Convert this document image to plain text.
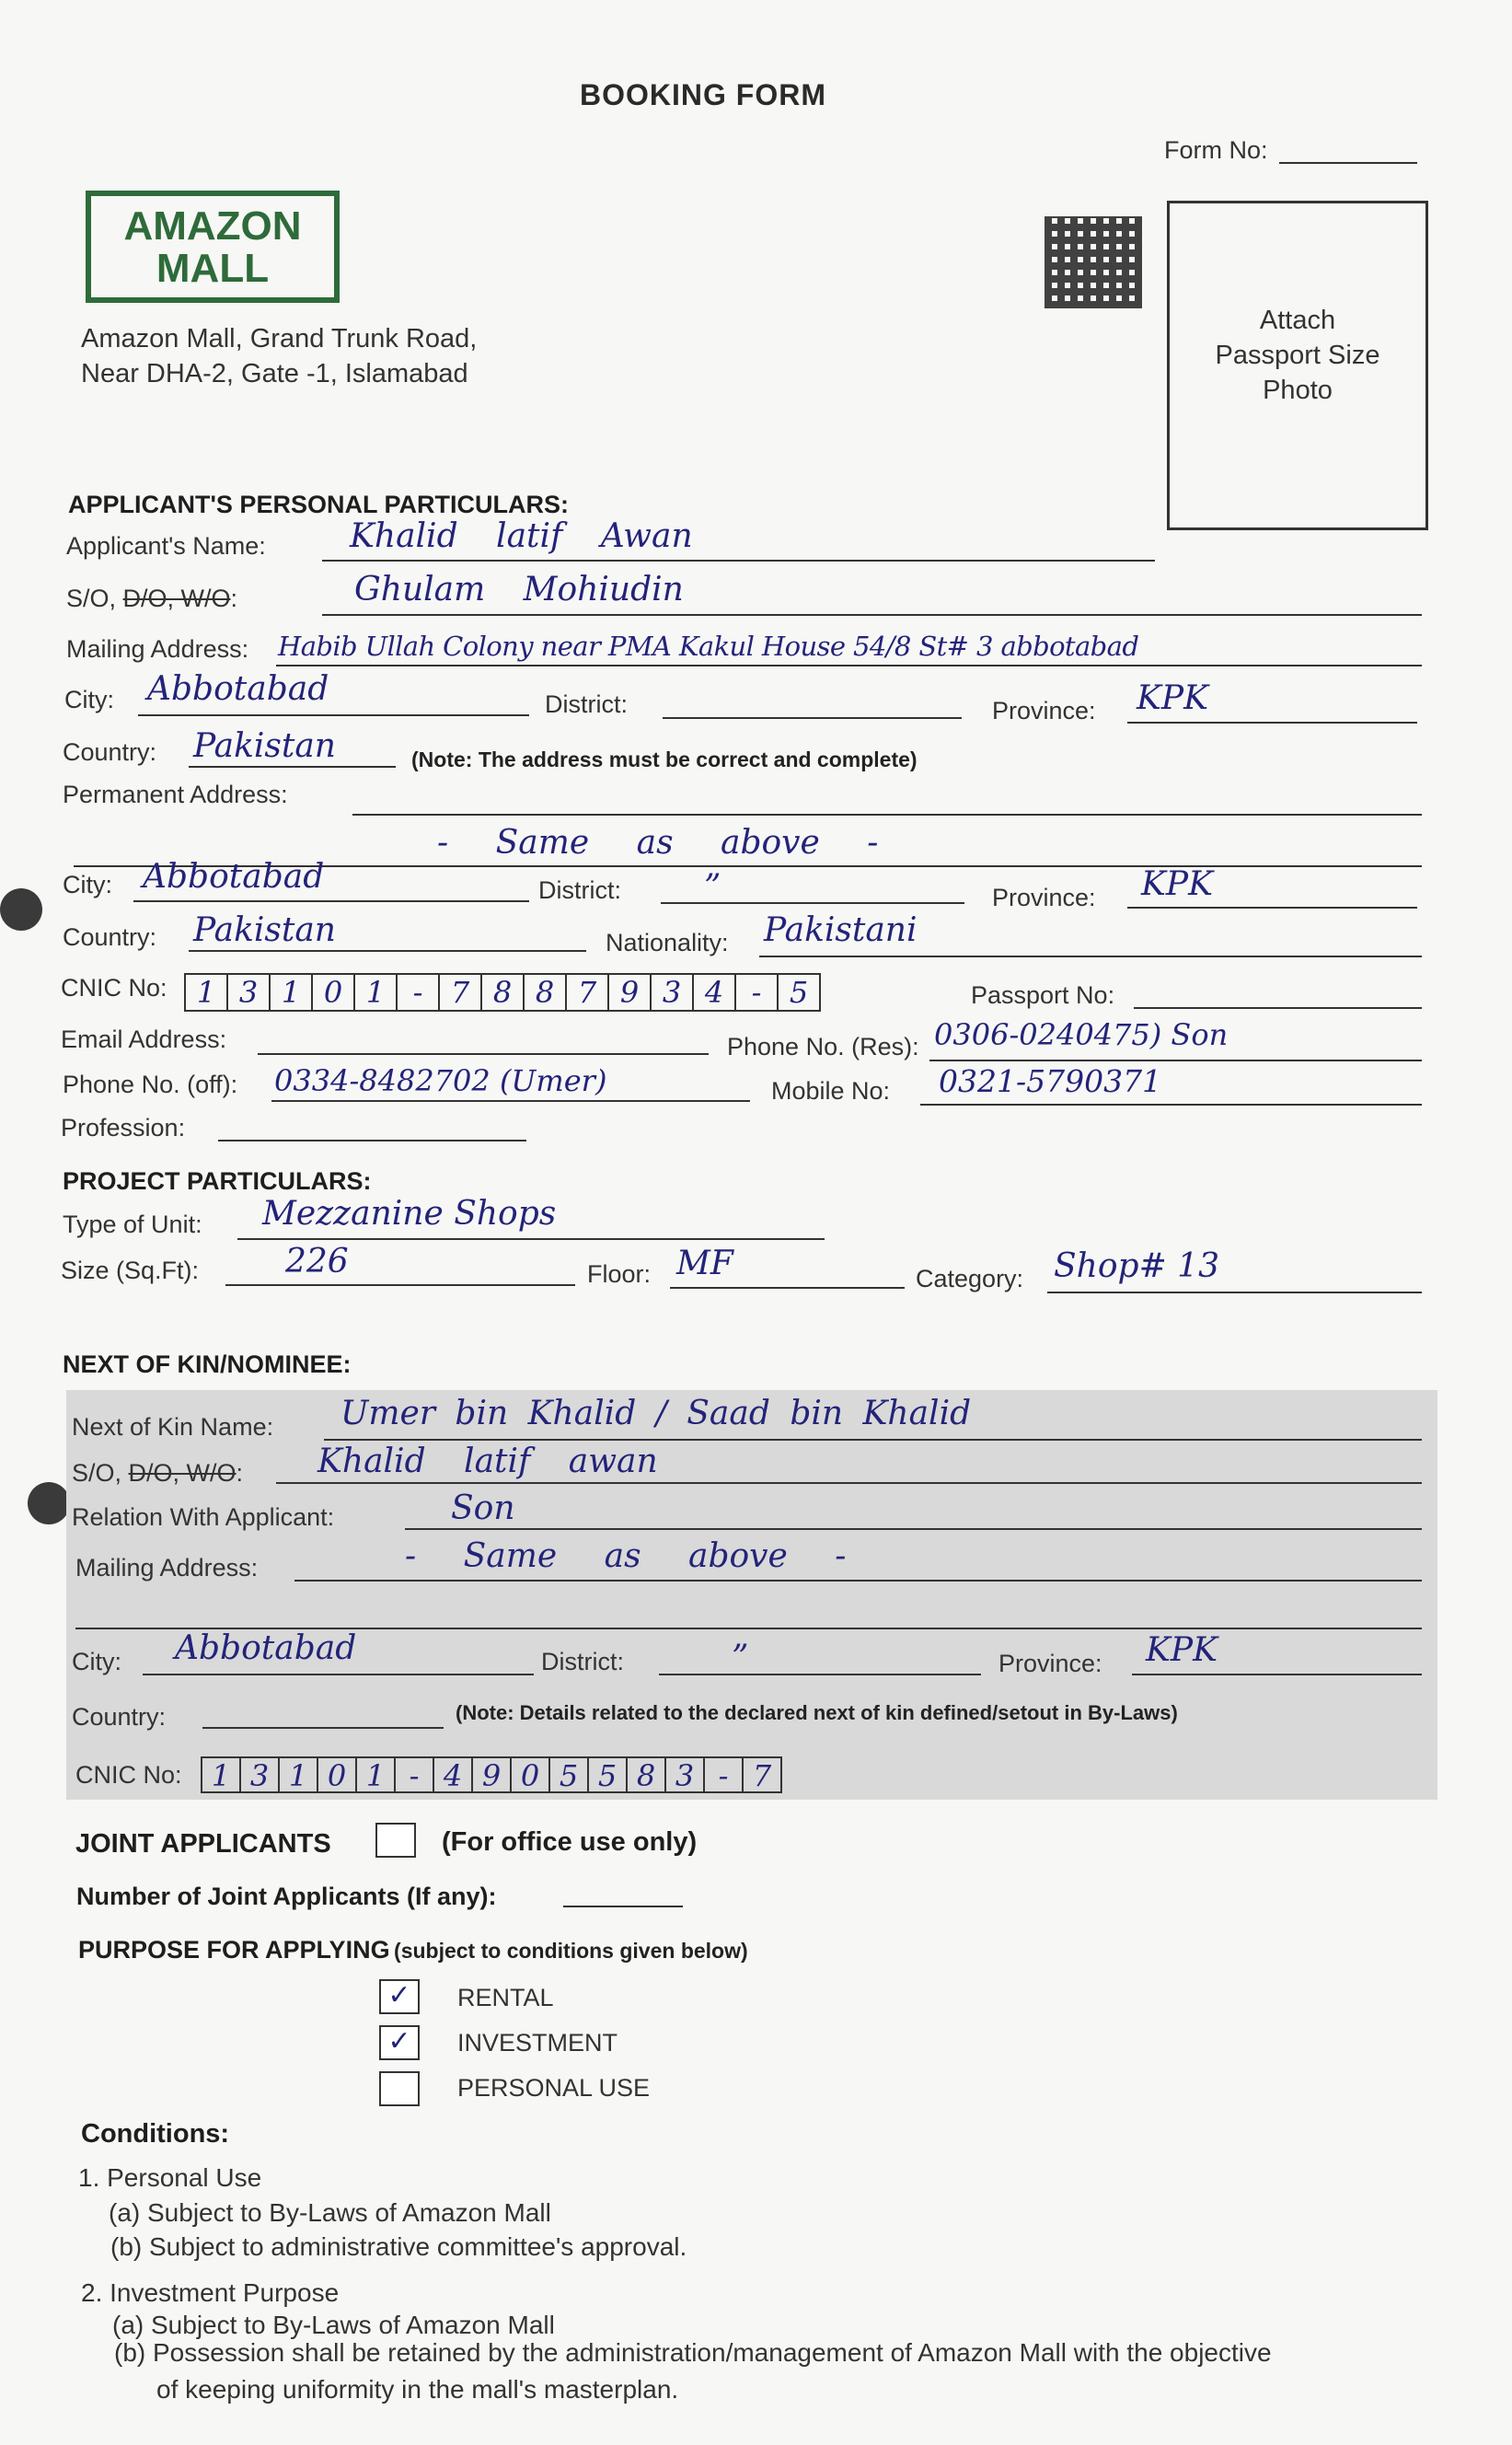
BOOKING FORM
Form No:
AMAZON
MALL
Amazon Mall, Grand Trunk Road,
Near DHA-2, Gate -1, Islamabad
Attach
Passport Size
Photo
APPLICANT'S PERSONAL PARTICULARS:
Applicant's Name:	Khalid latif Awan
S/O, D/O, W/O:	Ghulam Mohiudin
Mailing Address: Habib Ullah Colony near PMA Kakul House 54/8 St# 3 abbotabad
City: Abbotabad	District:	Province: KPK
Country: Pakistan	(Note: The address must be correct and complete)
Permanent Address:
- Same as above -
City: Abbotabad	District:	”	Province: KPK
Country: Pakistan	Nationality: Pakistani
CNIC No:	1 3 1 0 1 - 7 8 8 7 9 3 4 - 5	Passport No:
Email Address:	Phone No. (Res): 0306-0240475) Son
Phone No. (off): 0334-8482702 (Umer)	Mobile No: 0321-5790371
Profession:
PROJECT PARTICULARS:
Type of Unit: Mezzanine Shops
Size (Sq.Ft):	226	Floor: MF	Category: Shop# 13
NEXT OF KIN/NOMINEE:
Next of Kin Name: Umer bin Khalid / Saad bin Khalid
S/O, D/O, W/O: Khalid latif awan
Relation With Applicant:	Son
Mailing Address:	- Same as above -
City: Abbotabad	District:	”	Province: KPK
Country:	(Note: Details related to the declared next of kin defined/setout in By-Laws)
CNIC No:	1 3 1 0 1 - 4 9 0 5 5 8 3 - 7
JOINT APPLICANTS	(For office use only)
Number of Joint Applicants (If any):
PURPOSE FOR APPLYING (subject to conditions given below)
✓	RENTAL
✓	INVESTMENT
PERSONAL USE
Conditions:
1. Personal Use
(a) Subject to By-Laws of Amazon Mall
(b) Subject to administrative committee's approval.
2. Investment Purpose
(a) Subject to By-Laws of Amazon Mall
(b) Possession shall be retained by the administration/management of Amazon Mall with the objective
of keeping uniformity in the mall's masterplan.
